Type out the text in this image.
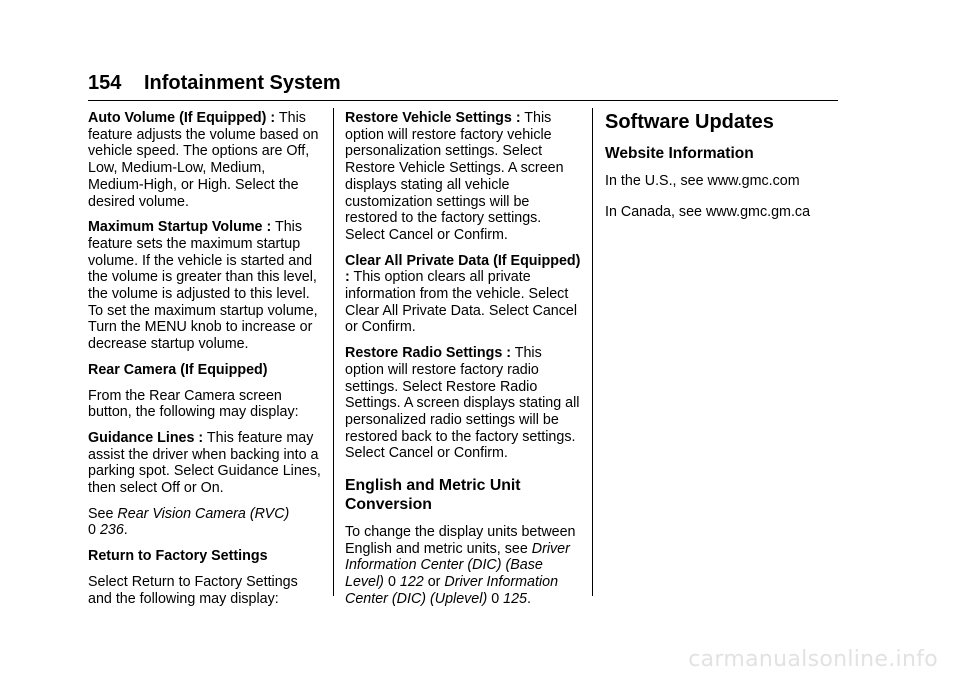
154 Infotainment System

Auto Volume (If Equipped) : This feature adjusts the volume based on vehicle speed. The options are Off, Low, Medium-Low, Medium, Medium-High, or High. Select the desired volume.

Maximum Startup Volume : This feature sets the maximum startup volume. If the vehicle is started and the volume is greater than this level, the volume is adjusted to this level. To set the maximum startup volume, Turn the MENU knob to increase or decrease startup volume.

Rear Camera (If Equipped)

From the Rear Camera screen button, the following may display:

Guidance Lines : This feature may assist the driver when backing into a parking spot. Select Guidance Lines, then select Off or On.

See Rear Vision Camera (RVC)
0 236.

Return to Factory Settings

Select Return to Factory Settings and the following may display:

Restore Vehicle Settings : This option will restore factory vehicle personalization settings. Select Restore Vehicle Settings. A screen displays stating all vehicle customization settings will be restored to the factory settings. Select Cancel or Confirm.

Clear All Private Data (If Equipped) : This option clears all private information from the vehicle. Select Clear All Private Data. Select Cancel or Confirm.

Restore Radio Settings : This option will restore factory radio settings. Select Restore Radio Settings. A screen displays stating all personalized radio settings will be restored back to the factory settings. Select Cancel or Confirm.

English and Metric Unit Conversion

To change the display units between English and metric units, see Driver Information Center (DIC) (Base Level) 0 122 or Driver Information Center (DIC) (Uplevel) 0 125.

Software Updates
Website Information

In the U.S., see www.gmc.com

In Canada, see www.gmc.gm.ca

carmanualsonline.info
